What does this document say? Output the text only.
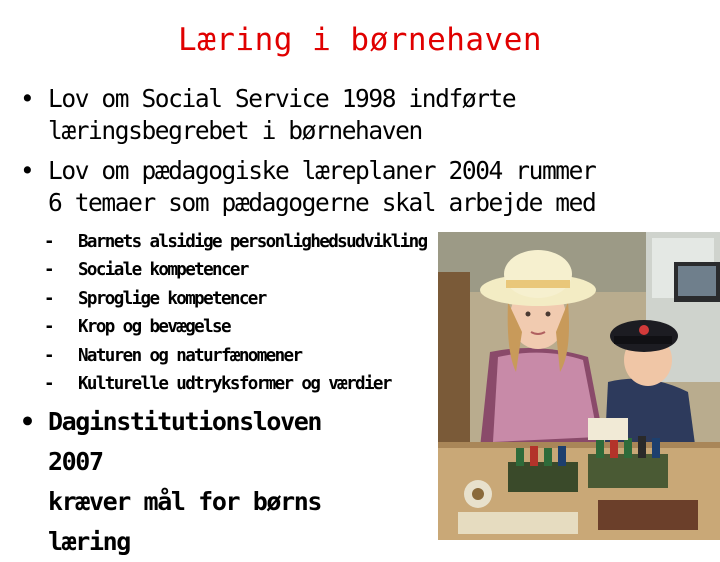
Læring i børnehaven
• Lov om Social Service 1998 indførte
læringsbegrebet i børnehaven
• Lov om pædagogiske læreplaner 2004 rummer
6 temaer som pædagogerne skal arbejde med
- Barnets alsidige personlighedsudvikling
- Sociale kompetencer
- Sproglige kompetencer
- Krop og bevægelse
- Naturen og naturfænomener
- Kulturelle udtryksformer og værdier
• Daginstitutionsloven 2007
kræver mål for børns
læring
